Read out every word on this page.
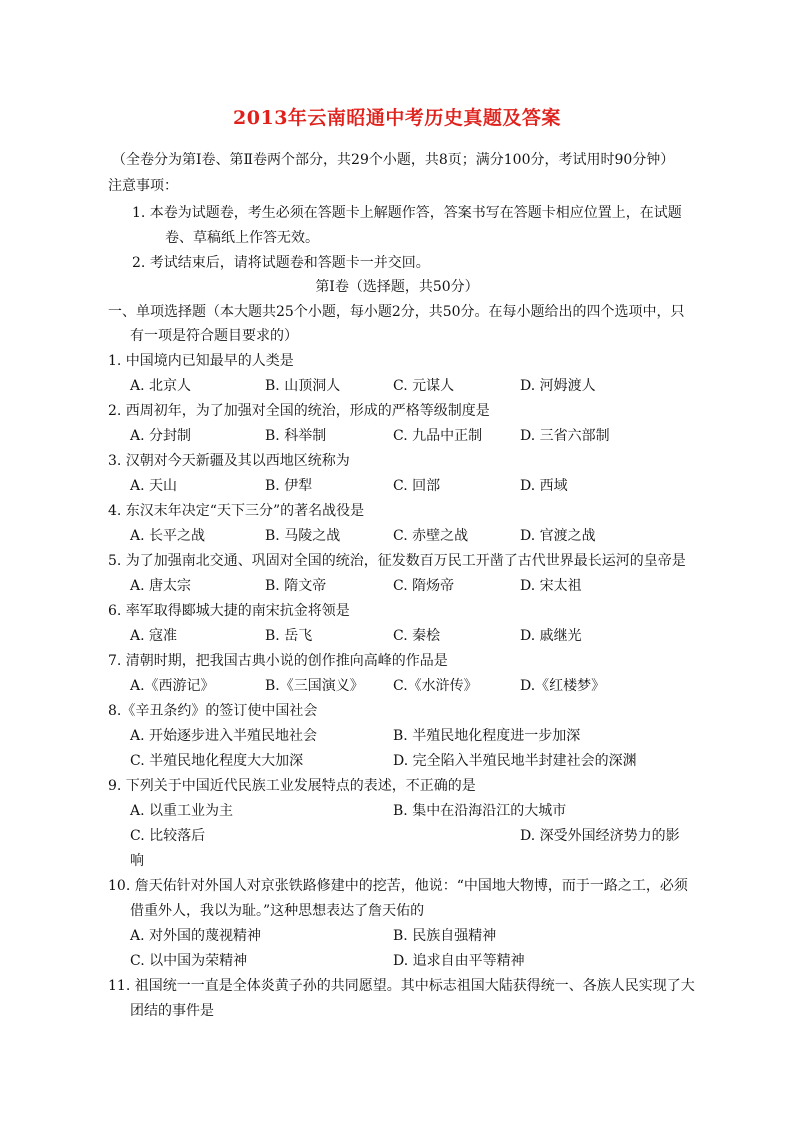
2013年云南昭通中考历史真题及答案
（全卷分为第Ⅰ卷、第Ⅱ卷两个部分，共29个小题，共8页；满分100分，考试用时90分钟）
注意事项：
1. 本卷为试题卷，考生必须在答题卡上解题作答，答案书写在答题卡相应位置上，在试题
卷、草稿纸上作答无效。
2. 考试结束后，请将试题卷和答题卡一并交回。
第Ⅰ卷（选择题，共50分）
一、单项选择题（本大题共25个小题，每小题2分，共50分。在每小题给出的四个选项中，只
有一项是符合题目要求的）
1. 中国境内已知最早的人类是
A. 北京人	B. 山顶洞人	C. 元谋人	D. 河姆渡人
2. 西周初年，为了加强对全国的统治，形成的严格等级制度是
A. 分封制	B. 科举制	C. 九品中正制	D. 三省六部制
3. 汉朝对今天新疆及其以西地区统称为
A. 天山	B. 伊犁	C. 回部	D. 西域
4. 东汉末年决定“天下三分”的著名战役是
A. 长平之战	B. 马陵之战	C. 赤壁之战	D. 官渡之战
5. 为了加强南北交通、巩固对全国的统治，征发数百万民工开凿了古代世界最长运河的皇帝是
A. 唐太宗	B. 隋文帝	C. 隋炀帝	D. 宋太祖
6. 率军取得郾城大捷的南宋抗金将领是
A. 寇准	B. 岳飞	C. 秦桧	D. 戚继光
7. 清朝时期，把我国古典小说的创作推向高峰的作品是
A.《西游记》	B.《三国演义》 C.《水浒传》	D.《红楼梦》
8.《辛丑条约》的签订使中国社会
A. 开始逐步进入半殖民地社会	B. 半殖民地化程度进一步加深
C. 半殖民地化程度大大加深	D. 完全陷入半殖民地半封建社会的深渊
9. 下列关于中国近代民族工业发展特点的表述，不正确的是
A. 以重工业为主	B. 集中在沿海沿江的大城市
C. 比较落后	D. 深受外国经济势力的影
响
10. 詹天佑针对外国人对京张铁路修建中的挖苦，他说：“中国地大物博，而于一路之工，必须
借重外人，我以为耻。”这种思想表达了詹天佑的
A. 对外国的蔑视精神	B. 民族自强精神
C. 以中国为荣精神	D. 追求自由平等精神
11. 祖国统一一直是全体炎黄子孙的共同愿望。其中标志祖国大陆获得统一、各族人民实现了大
团结的事件是
